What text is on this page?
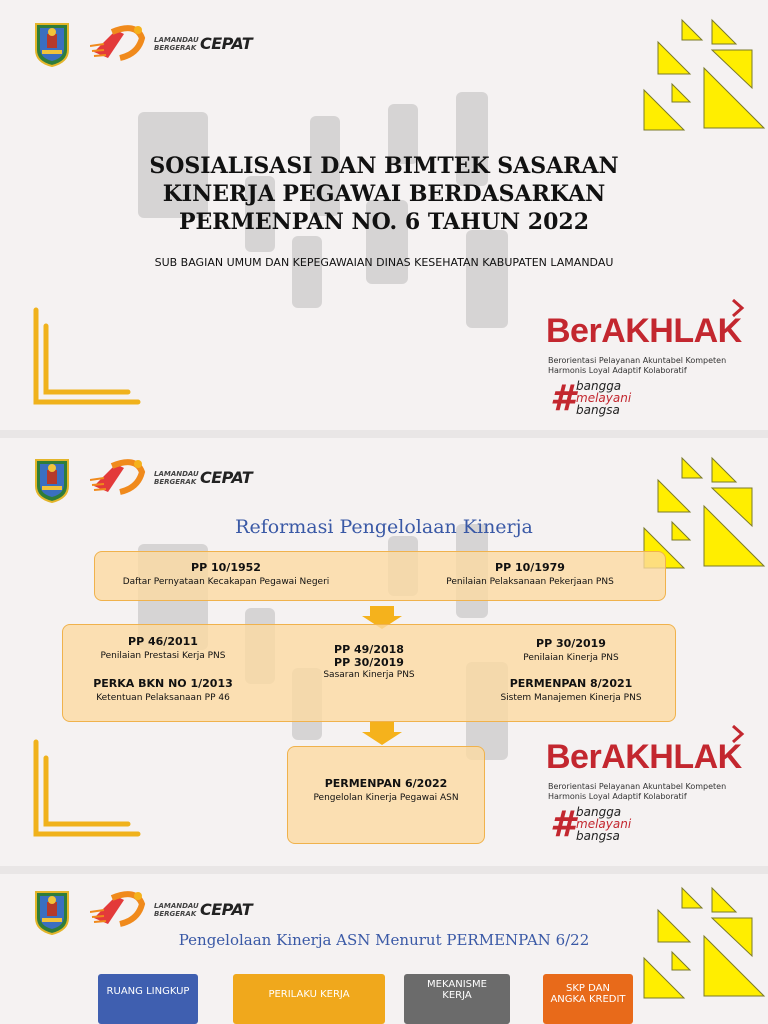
LAMANDAU
BERGERAK CEPAT
SOSIALISASI DAN BIMTEK SASARAN
KINERJA PEGAWAI BERDASARKAN
PERMENPAN NO. 6 TAHUN 2022
SUB BAGIAN UMUM DAN KEPEGAWAIAN DINAS KESEHATAN KABUPATEN LAMANDAU
BerAKHLAK
Berorientasi Pelayanan Akuntabel Kompeten
Harmonis Loyal Adaptif Kolaboratif
# bangga
melayani
bangsa
LAMANDAU
BERGERAK CEPAT
Reformasi Pengelolaan Kinerja
PP 10/1952
Daftar Pernyataan Kecakapan Pegawai Negeri
PP 10/1979
Penilaian Pelaksanaan Pekerjaan PNS
PP 46/2011
Penilaian Prestasi Kerja PNS
PERKA BKN NO 1/2013
Ketentuan Pelaksanaan PP 46
PP 49/2018
PP 30/2019
Sasaran Kinerja PNS
PP 30/2019
Penilaian Kinerja PNS
PERMENPAN 8/2021
Sistem Manajemen Kinerja PNS
PERMENPAN 6/2022
Pengelolan Kinerja Pegawai ASN
BerAKHLAK
Berorientasi Pelayanan Akuntabel Kompeten
Harmonis Loyal Adaptif Kolaboratif
# bangga
melayani
bangsa
LAMANDAU
BERGERAK CEPAT
Pengelolaan Kinerja ASN Menurut PERMENPAN 6/22
RUANG LINGKUP	PERILAKU KERJA
MEKANISME
KERJA
SKP DAN
ANGKA KREDIT
